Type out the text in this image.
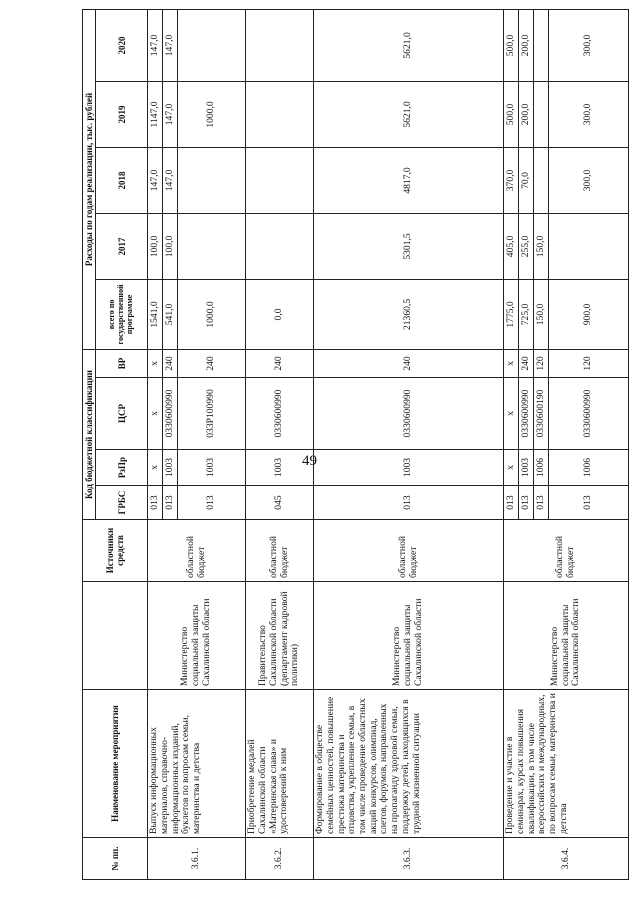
49
№ пп.	Наименование мероприятия		Источники средств	Код бюджетной классификации				Расходы по годам реализации, тыс. рублей				
				ГРБС	РзПр	ЦСР	ВР	всего по государственной программе	2017	2018	2019	2020
3.6.1.	Выпуск информационных материалов, справочно-информационных изданий, буклетов по вопросам семьи, материнства и детства	Министерство социальной защиты Сахалинской области	областной бюджет	013	х	х	х	1541,0	100,0	147,0	1147,0	147,0
				013	1003	0330600990	240	541,0	100,0	147,0	147,0	147,0
				013	1003	033Р100990	240	1000,0			1000,0	
3.6.2.	Приобретение медалей Сахалинской области «Материнская слава» и удостоверений к ним	Правительство Сахалинской области (департамент кадровой политики)	областной бюджет	045	1003	0330600990	240	0,0				
3.6.3.	Формирование в обществе семейных ценностей, повышение престижа материнства и отцовства, укрепление семьи, в том числе проведение областных акций конкурсов, олимпиад, слетов, форумов, направленных на пропаганду здоровой семьи, поддержку детей, находящихся в трудной жизненной ситуации	Министерство социальной защиты Сахалинской области	областной бюджет	013	1003	0330600990	240	21360,5	5301,5	4817,0	5621,0	5621,0
3.6.4.	Проведение и участие в семинарах, курсах повышения квалификации, в том числе всероссийских и международных, по вопросам семьи, материнства и детства	Министерство социальной защиты Сахалинской области	областной бюджет	013	х	х	х	1775,0	405,0	370,0	500,0	500,0
				013	1003	0330600990	240	725,0	255,0	70,0	200,0	200,0
				013	1006	0330600190	120	150,0	150,0			
				013	1006	0330600990	120	900,0		300,0	300,0	300,0
